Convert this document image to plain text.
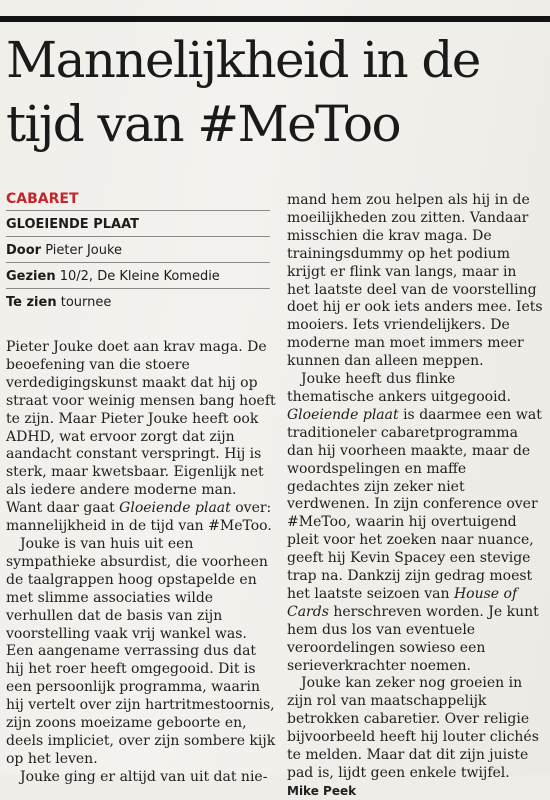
Mannelijkheid in de
tijd van #MeToo
CABARET
GLOEIENDE PLAAT
Door Pieter Jouke
Gezien 10/2, De Kleine Komedie
Te zien tournee

Pieter Jouke doet aan krav maga. De beoefening van die stoere verdedigingskunst maakt dat hij op straat voor weinig mensen bang hoeft te zijn. Maar Pieter Jouke heeft ook ADHD, wat ervoor zorgt dat zijn aandacht constant verspringt. Hij is sterk, maar kwetsbaar. Eigenlijk net als iedere andere moderne man. Want daar gaat Gloeiende plaat over: mannelijkheid in de tijd van #MeToo.

Jouke is van huis uit een sympathieke absurdist, die voorheen de taalgrappen hoog opstapelde en met slimme associaties wilde verhullen dat de basis van zijn voorstelling vaak vrij wankel was. Een aangename verrassing dus dat hij het roer heeft omgegooid. Dit is een persoonlijk programma, waarin hij vertelt over zijn hartritmestoornis, zijn zoons moeizame geboorte en, deels impliciet, over zijn sombere kijk op het leven.

Jouke ging er altijd van uit dat nie-

mand hem zou helpen als hij in de moeilijkheden zou zitten. Vandaar misschien die krav maga. De trainingsdummy op het podium krijgt er flink van langs, maar in het laatste deel van de voorstelling doet hij er ook iets anders mee. Iets mooiers. Iets vriendelijkers. De moderne man moet immers meer kunnen dan alleen meppen.

Jouke heeft dus flinke thematische ankers uitgegooid. Gloeiende plaat is daarmee een wat traditioneler cabaretprogramma dan hij voorheen maakte, maar de woordspelingen en maffe gedachtes zijn zeker niet verdwenen. In zijn conference over #MeToo, waarin hij overtuigend pleit voor het zoeken naar nuance, geeft hij Kevin Spacey een stevige trap na. Dankzij zijn gedrag moest het laatste seizoen van House of Cards herschreven worden. Je kunt hem dus los van eventuele veroordelingen sowieso een serieverkrachter noemen.

Jouke kan zeker nog groeien in zijn rol van maatschappelijk betrokken cabaretier. Over religie bijvoorbeeld heeft hij louter clichés te melden. Maar dat dit zijn juiste pad is, lijdt geen enkele twijfel.

Mike Peek
